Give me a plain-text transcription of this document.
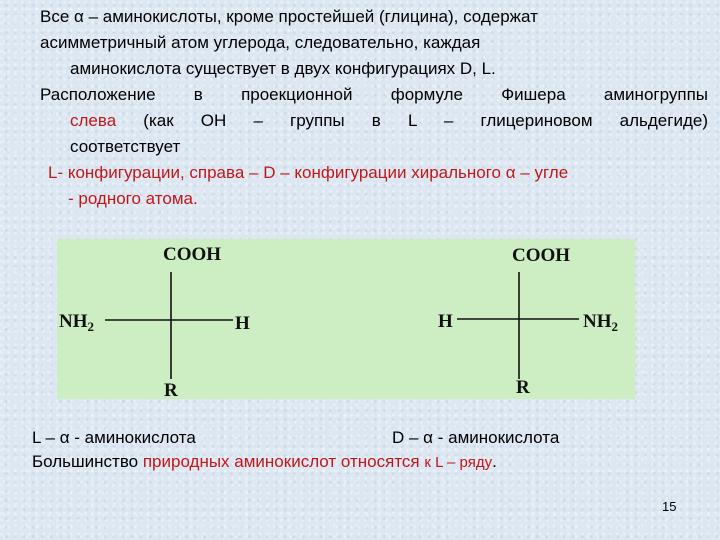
Все α – аминокислоты, кроме простейшей (глицина), содержат
асимметричный атом углерода, следовательно, каждая

аминокислота существует в двух конфигурациях D, L.

Расположение в проекционной формуле Фишера аминогруппы
слева (как ОН – группы в L – глицериновом альдегиде)
соответствует

L- конфигурации, справа – D – конфигурации хирального α – угле

- родного атома.

COOH
$NH_2$	H
R
COOH
H	$NH_2$
R
L – α - аминокислота	D – α - аминокислота
Большинство природных аминокислот относятся к L – ряду.
15
